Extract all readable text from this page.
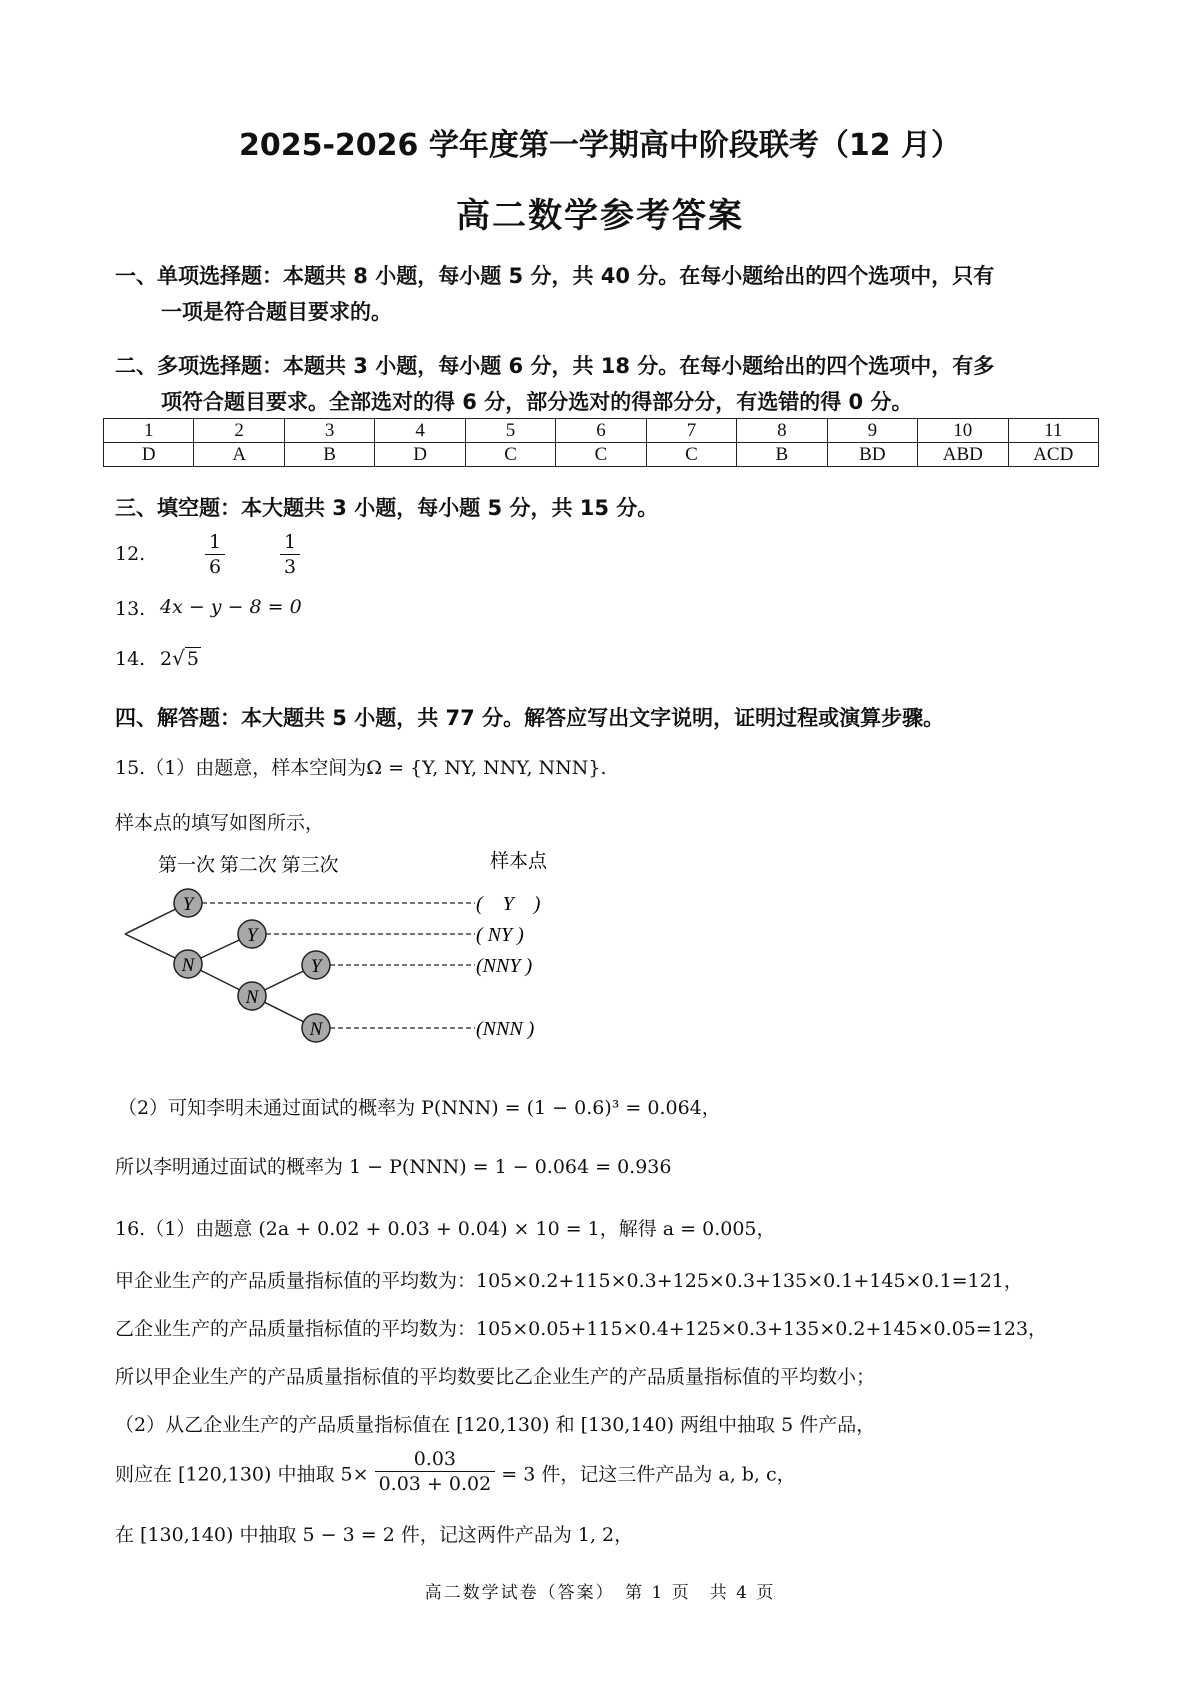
2025-2026 学年度第一学期高中阶段联考（12 月）
高二数学参考答案
一、单项选择题：本题共 8 小题，每小题 5 分，共 40 分。在每小题给出的四个选项中，只有
一项是符合题目要求的。
二、多项选择题：本题共 3 小题，每小题 6 分，共 18 分。在每小题给出的四个选项中，有多
项符合题目要求。全部选对的得 6 分，部分选对的得部分分，有选错的得 0 分。
1	2	3	4	5	6	7	8	9	10	11
D	A	B	D	C	C	C	B	BD	ABD	ACD
三、填空题：本大题共 3 小题，每小题 5 分，共 15 分。
12.	$\frac{1}{6}$	$\frac{1}{3}$
13. 4x − y − 8 = 0
14. 2√ 5
四、解答题：本大题共 5 小题，共 77 分。解答应写出文字说明，证明过程或演算步骤。
15.（1）由题意，样本空间为Ω = {Y, NY, NNY, NNN}.
样本点的填写如图所示，
第一次 第二次 第三次	样本点
Y
N
Y
N
Y
N
(　Y　)
( NY )
(NNY )
(NNN )
（2）可知李明未通过面试的概率为 P(NNN) = (1 − 0.6)³ = 0.064，
所以李明通过面试的概率为 1 − P(NNN) = 1 − 0.064 = 0.936
16.（1）由题意 (2a + 0.02 + 0.03 + 0.04) × 10 = 1，解得 a = 0.005，
甲企业生产的产品质量指标值的平均数为：105×0.2+115×0.3+125×0.3+135×0.1+145×0.1=121，
乙企业生产的产品质量指标值的平均数为：105×0.05+115×0.4+125×0.3+135×0.2+145×0.05=123，
所以甲企业生产的产品质量指标值的平均数要比乙企业生产的产品质量指标值的平均数小；
（2）从乙企业生产的产品质量指标值在 [120,130) 和 [130,140) 两组中抽取 5 件产品，
则应在 [120,130) 中抽取 $5\times \frac{0.03}{0.03 + 0.02} = 3$ 件，记这三件产品为 a, b, c，
在 [130,140) 中抽取 5 − 3 = 2 件，记这两件产品为 1, 2，
高二数学试卷（答案）　第 1 页　共 4 页
